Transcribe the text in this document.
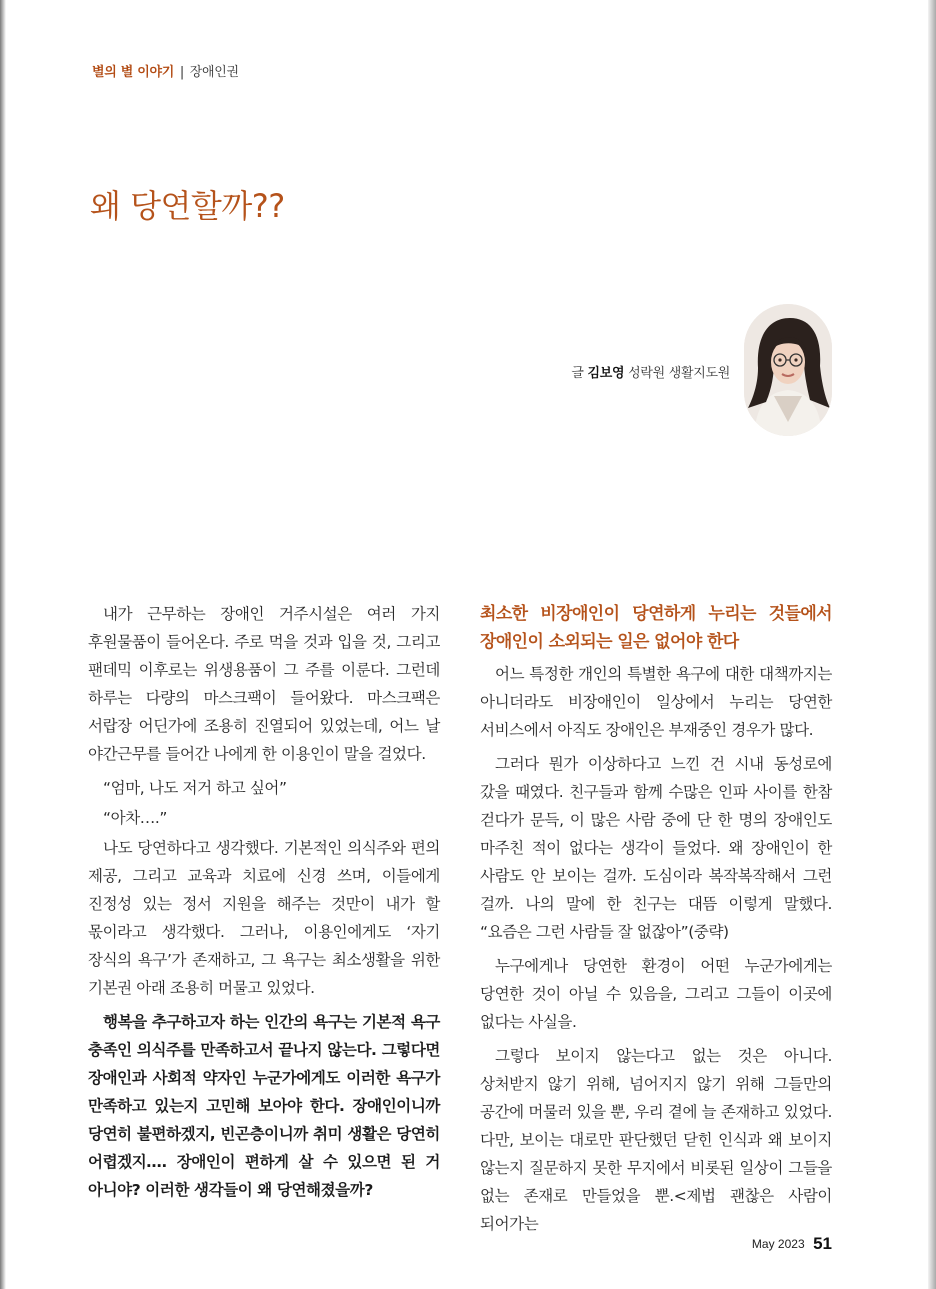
별의 별 이야기 | 장애인권
왜 당연할까??
글 김보영 성락원 생활지도원

내가 근무하는 장애인 거주시설은 여러 가지 후원물품이 들어온다. 주로 먹을 것과 입을 것, 그리고 팬데믹 이후로는 위생용품이 그 주를 이룬다. 그런데 하루는 다량의 마스크팩이 들어왔다. 마스크팩은 서랍장 어딘가에 조용히 진열되어 있었는데, 어느 날 야간근무를 들어간 나에게 한 이용인이 말을 걸었다.

“엄마, 나도 저거 하고 싶어”

“아차….”

나도 당연하다고 생각했다. 기본적인 의식주와 편의 제공, 그리고 교육과 치료에 신경 쓰며, 이들에게 진정성 있는 정서 지원을 해주는 것만이 내가 할 몫이라고 생각했다. 그러나, 이용인에게도 ‘자기 장식의 욕구’가 존재하고, 그 욕구는 최소생활을 위한 기본권 아래 조용히 머물고 있었다.

행복을 추구하고자 하는 인간의 욕구는 기본적 욕구 충족인 의식주를 만족하고서 끝나지 않는다. 그렇다면 장애인과 사회적 약자인 누군가에게도 이러한 욕구가 만족하고 있는지 고민해 보아야 한다. 장애인이니까 당연히 불편하겠지, 빈곤층이니까 취미 생활은 당연히 어렵겠지…. 장애인이 편하게 살 수 있으면 된 거 아니야? 이러한 생각들이 왜 당연해졌을까?

최소한 비장애인이 당연하게 누리는 것들에서 장애인이 소외되는 일은 없어야 한다

어느 특정한 개인의 특별한 욕구에 대한 대책까지는 아니더라도 비장애인이 일상에서 누리는 당연한 서비스에서 아직도 장애인은 부재중인 경우가 많다.

그러다 뭔가 이상하다고 느낀 건 시내 동성로에 갔을 때였다. 친구들과 함께 수많은 인파 사이를 한참 걷다가 문득, 이 많은 사람 중에 단 한 명의 장애인도 마주친 적이 없다는 생각이 들었다. 왜 장애인이 한 사람도 안 보이는 걸까. 도심이라 복작복작해서 그런 걸까. 나의 말에 한 친구는 대뜸 이렇게 말했다. “요즘은 그런 사람들 잘 없잖아”(중략)

누구에게나 당연한 환경이 어떤 누군가에게는 당연한 것이 아닐 수 있음을, 그리고 그들이 이곳에 없다는 사실을.

그렇다 보이지 않는다고 없는 것은 아니다. 상처받지 않기 위해, 넘어지지 않기 위해 그들만의 공간에 머물러 있을 뿐, 우리 곁에 늘 존재하고 있었다. 다만, 보이는 대로만 판단했던 닫힌 인식과 왜 보이지 않는지 질문하지 못한 무지에서 비롯된 일상이 그들을 없는 존재로 만들었을 뿐.<제법 괜찮은 사람이 되어가는

May 2023 51
